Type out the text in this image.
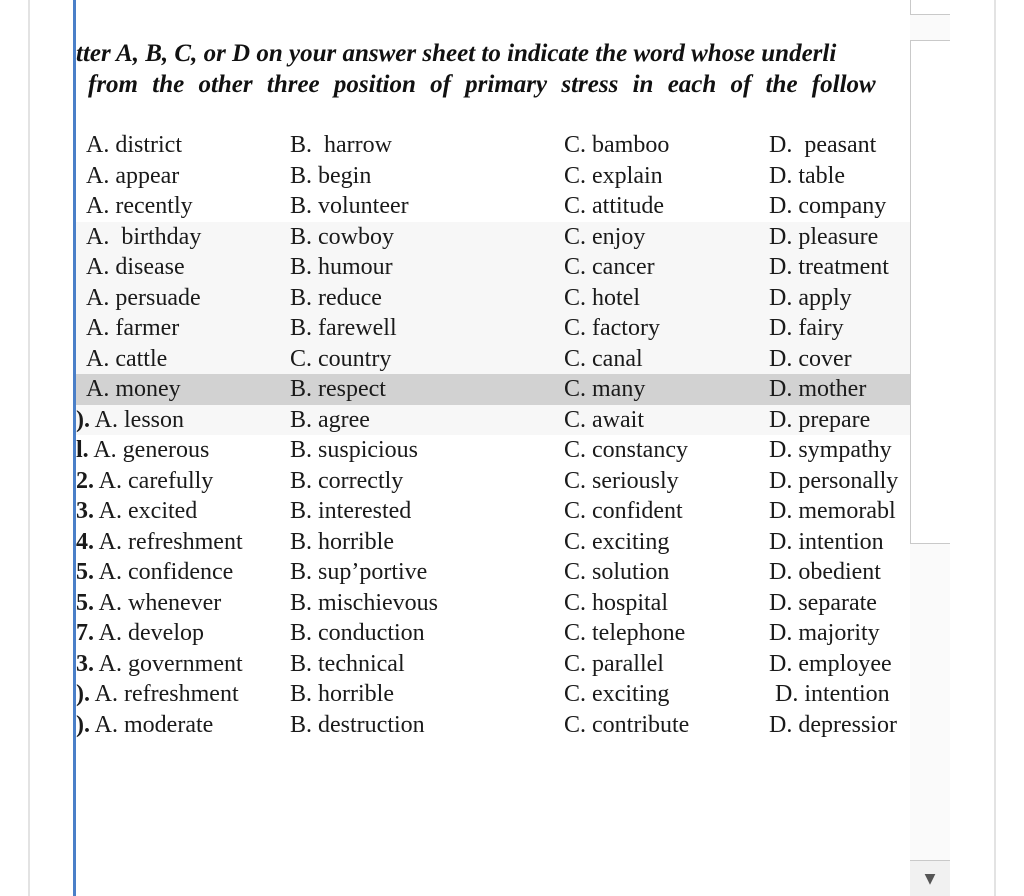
tter A, B, C, or D on your answer sheet to indicate the word whose underli
from the other three position of primary stress in each of the follow
A. district	B.  harrow	C. bamboo	D.  peasant
A. appear	B. begin	C. explain	D. table
A. recently	B. volunteer	C. attitude	D. company
A.  birthday	B. cowboy	C. enjoy	D. pleasure
A. disease	B. humour	C. cancer	D. treatment
A. persuade	B. reduce	C. hotel	D. apply
A. farmer	B. farewell	C. factory	D. fairy
A. cattle	C. country	C. canal	D. cover
A. money	B. respect	C. many	D. mother
). A. lesson	B. agree	C. await	D. prepare
l. A. generous	B. suspicious	C. constancy	D. sympathy
2. A. carefully	B. correctly	C. seriously	D. personally
3. A. excited	B. interested	C. confident	D. memorabl
4. A. refreshment B. horrible	C. exciting	D. intention
5. A. confidence B. sup’portive	C. solution	D. obedient
5. A. whenever	B. mischievous	C. hospital	D. separate
7. A. develop	B. conduction	C. telephone	D. majority
3. A. government B. technical	C. parallel	D. employee
). A. refreshment B. horrible	C. exciting	D. intention
). A. moderate	B. destruction	C. contribute	D. depressior
▼
